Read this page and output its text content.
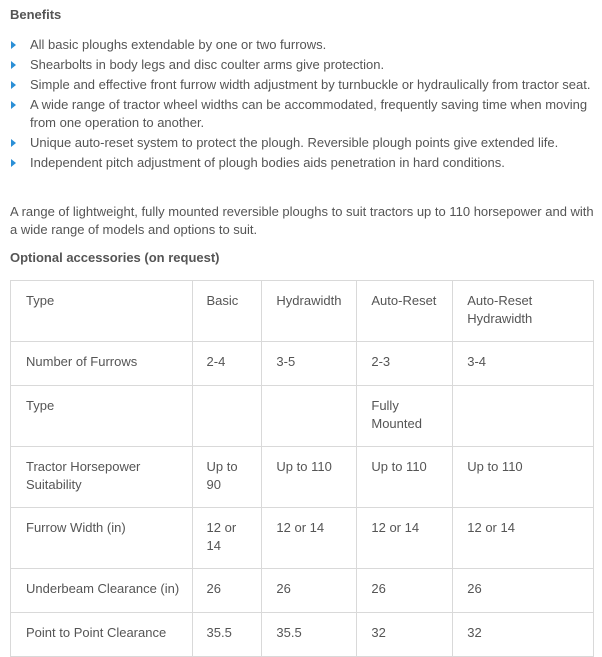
Benefits
All basic ploughs extendable by one or two furrows.
Shearbolts in body legs and disc coulter arms give protection.
Simple and effective front furrow width adjustment by turnbuckle or hydraulically from tractor seat.
A wide range of tractor wheel widths can be accommodated, frequently saving time when moving from one operation to another.
Unique auto-reset system to protect the plough. Reversible plough points give extended life.
Independent pitch adjustment of plough bodies aids penetration in hard conditions.

A range of lightweight, fully mounted reversible ploughs to suit tractors up to 110 horsepower and with a wide range of models and options to suit.

Optional accessories (on request)
Type	Basic	Hydrawidth	Auto-Reset	Auto-Reset Hydrawidth
Number of Furrows	2-4	3-5	2-3	3-4
Type			Fully Mounted	
Tractor Horsepower Suitability	Up to 90	Up to 110	Up to 110	Up to 110
Furrow Width (in)	12 or 14	12 or 14	12 or 14	12 or 14
Underbeam Clearance (in)	26	26	26	26
Point to Point Clearance	35.5	35.5	32	32
